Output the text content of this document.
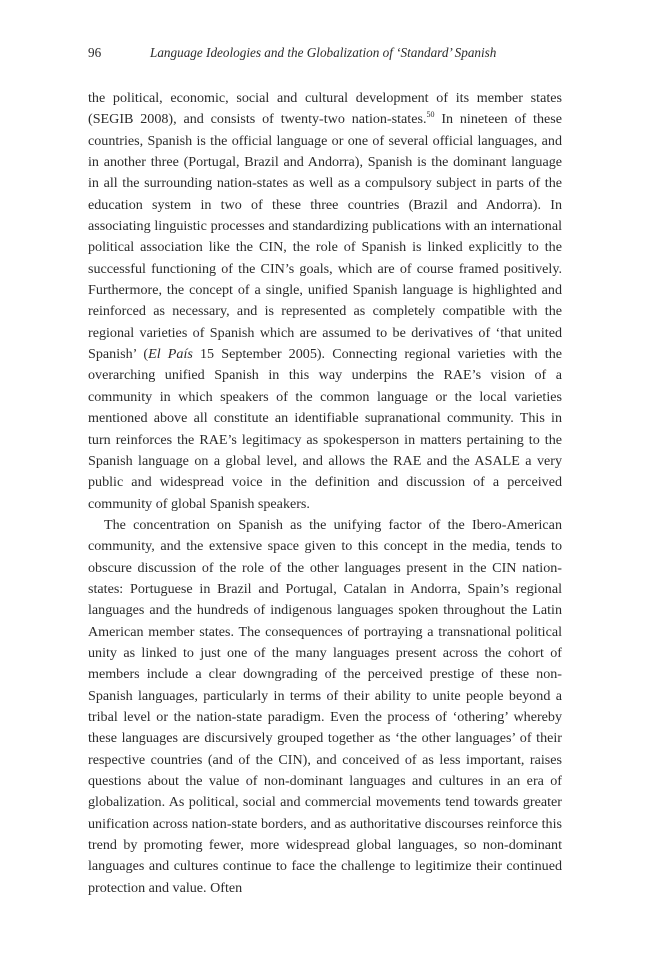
96	Language Ideologies and the Globalization of ‘Standard’ Spanish

the political, economic, social and cultural development of its member states (SEGIB 2008), and consists of twenty-two nation-states.$^{50}$ In nineteen of these countries, Spanish is the official language or one of several official languages, and in another three (Portugal, Brazil and Andorra), Spanish is the dominant language in all the surrounding nation-states as well as a compulsory subject in parts of the education system in two of these three countries (Brazil and Andorra). In associating linguistic processes and standardizing publications with an international political association like the CIN, the role of Spanish is linked explicitly to the successful functioning of the CIN’s goals, which are of course framed positively. Furthermore, the concept of a single, unified Spanish language is highlighted and reinforced as necessary, and is represented as completely compatible with the regional varieties of Spanish which are assumed to be derivatives of ‘that united Spanish’ (El País 15 September 2005). Connecting regional varieties with the overarching unified Spanish in this way underpins the RAE’s vision of a community in which speakers of the common language or the local varieties mentioned above all constitute an identifiable supranational community. This in turn reinforces the RAE’s legitimacy as spokesperson in matters pertaining to the Spanish language on a global level, and allows the RAE and the ASALE a very public and widespread voice in the definition and discussion of a perceived community of global Spanish speakers.

The concentration on Spanish as the unifying factor of the Ibero-American community, and the extensive space given to this concept in the media, tends to obscure discussion of the role of the other languages present in the CIN nation-states: Portuguese in Brazil and Portugal, Catalan in Andorra, Spain’s regional languages and the hundreds of indigenous languages spoken throughout the Latin American member states. The consequences of portraying a transnational political unity as linked to just one of the many languages present across the cohort of members include a clear downgrading of the perceived prestige of these non-Spanish languages, particularly in terms of their ability to unite people beyond a tribal level or the nation-state paradigm. Even the process of ‘othering’ whereby these languages are discursively grouped together as ‘the other languages’ of their respective countries (and of the CIN), and conceived of as less important, raises questions about the value of non-dominant languages and cultures in an era of globalization. As political, social and commercial movements tend towards greater unification across nation-state borders, and as authoritative discourses reinforce this trend by promoting fewer, more widespread global languages, so non-dominant languages and cultures continue to face the challenge to legitimize their continued protection and value. Often
